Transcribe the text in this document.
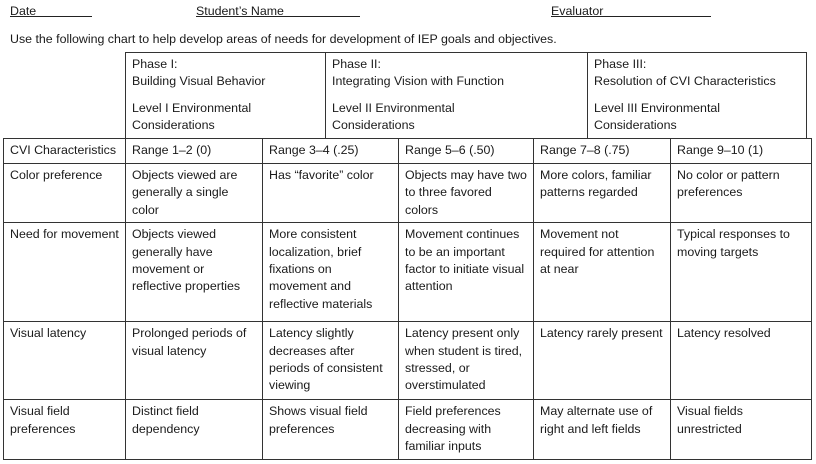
Date	Student’s Name	Evaluator
Use the following chart to help develop areas of needs for development of IEP goals and objectives.

Phase I:

Building Visual Behavior

Level I Environmental Considerations

Phase II:

Integrating Vision with Function

Level II Environmental Considerations

Phase III:

Resolution of CVI Characteristics

Level III Environmental Considerations

CVI Characteristics	Range 1–2 (0)	Range 3–4 (.25)	Range 5–6 (.50)	Range 7–8 (.75)	Range 9–10 (1)
Color preference	Objects viewed are generally a single color	Has “favorite” color	Objects may have two to three favored colors	More colors, familiar patterns regarded	No color or pattern preferences
Need for movement	Objects viewed generally have movement or reflective properties	More consistent localization, brief fixations on movement and reflective materials	Movement continues to be an important factor to initiate visual attention	Movement not required for attention at near	Typical responses to moving targets
Visual latency	Prolonged periods of visual latency	Latency slightly decreases after periods of consistent viewing	Latency present only when student is tired, stressed, or overstimulated	Latency rarely present	Latency resolved
Visual field preferences	Distinct field dependency	Shows visual field preferences	Field preferences decreasing with familiar inputs	May alternate use of right and left fields	Visual fields unrestricted
